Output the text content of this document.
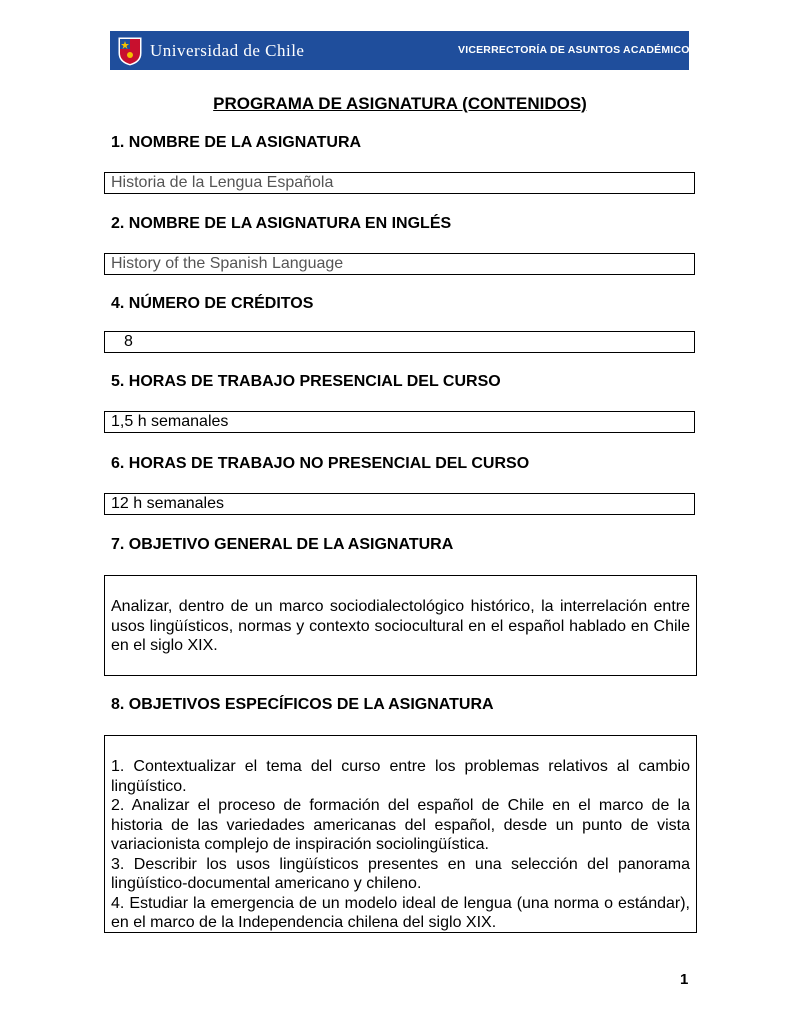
Universidad de Chile	VICERRECTORÍA DE ASUNTOS ACADÉMICOS
PROGRAMA DE ASIGNATURA (CONTENIDOS)
1. NOMBRE DE LA ASIGNATURA
Historia de la Lengua Española
2. NOMBRE DE LA ASIGNATURA EN INGLÉS
History of the Spanish Language
4. NÚMERO DE CRÉDITOS
8
5. HORAS DE TRABAJO PRESENCIAL DEL CURSO
1,5 h semanales
6. HORAS DE TRABAJO NO PRESENCIAL DEL CURSO
12 h semanales
7. OBJETIVO GENERAL DE LA ASIGNATURA

Analizar, dentro de un marco sociodialectológico histórico, la interrelación entre usos lingüísticos, normas y contexto sociocultural en el español hablado en Chile en el siglo XIX.

8. OBJETIVOS ESPECÍFICOS DE LA ASIGNATURA

1. Contextualizar el tema del curso entre los problemas relativos al cambio lingüístico.

2. Analizar el proceso de formación del español de Chile en el marco de la historia de las variedades americanas del español, desde un punto de vista variacionista complejo de inspiración sociolingüística.

3. Describir los usos lingüísticos presentes en una selección del panorama lingüístico-documental americano y chileno.

4. Estudiar la emergencia de un modelo ideal de lengua (una norma o estándar), en el marco de la Independencia chilena del siglo XIX.

1
